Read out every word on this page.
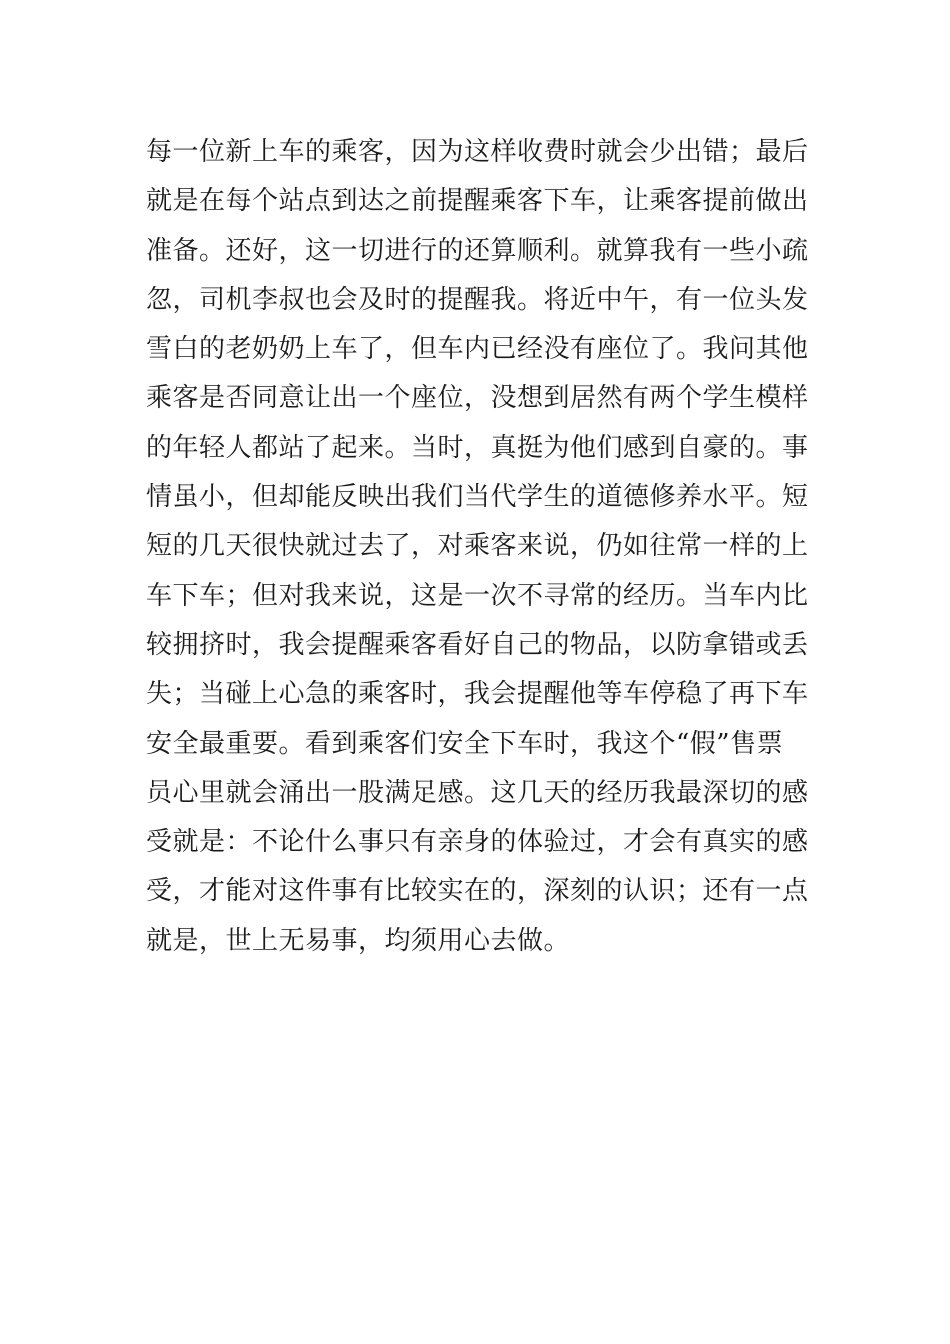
每一位新上车的乘客，因为这样收费时就会少出错；最后
就是在每个站点到达之前提醒乘客下车，让乘客提前做出
准备。还好，这一切进行的还算顺利。就算我有一些小疏
忽，司机李叔也会及时的提醒我。将近中午，有一位头发
雪白的老奶奶上车了，但车内已经没有座位了。我问其他
乘客是否同意让出一个座位，没想到居然有两个学生模样
的年轻人都站了起来。当时，真挺为他们感到自豪的。事
情虽小，但却能反映出我们当代学生的道德修养水平。短
短的几天很快就过去了，对乘客来说，仍如往常一样的上
车下车；但对我来说，这是一次不寻常的经历。当车内比
较拥挤时，我会提醒乘客看好自己的物品，以防拿错或丢
失；当碰上心急的乘客时，我会提醒他等车停稳了再下车
安全最重要。看到乘客们安全下车时，我这个“假”售票
员心里就会涌出一股满足感。这几天的经历我最深切的感
受就是：不论什么事只有亲身的体验过，才会有真实的感
受，才能对这件事有比较实在的，深刻的认识；还有一点
就是，世上无易事，均须用心去做。
